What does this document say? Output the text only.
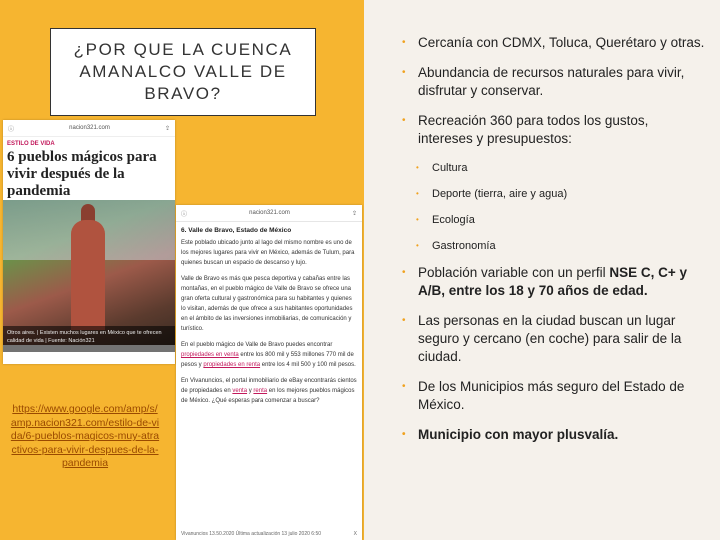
¿POR QUE LA CUENCA AMANALCO VALLE DE BRAVO?
ⓘ	nacion321.com	⇪
ESTILO DE VIDA
6 pueblos mágicos para vivir después de la pandemia
Otros aires. | Existen muchos lugares en México que te ofrecen calidad de vida | Fuente: Nación321
ⓘ	nacion321.com	⇪
6. Valle de Bravo, Estado de México
Este poblado ubicado junto al lago del mismo nombre es uno de los mejores lugares para vivir en México, además de Tulum, para quienes buscan un espacio de descanso y lujo.
Valle de Bravo es más que pesca deportiva y cabañas entre las montañas, en el pueblo mágico de Valle de Bravo se ofrece una gran oferta cultural y gastronómica para su habitantes y quienes lo visitan, además de que ofrece a sus habitantes oportunidades en el ámbito de las inversiones inmobiliarias, de comunicación y turístico.
En el pueblo mágico de Valle de Bravo puedes encontrar propiedades en venta entre los 800 mil y 553 millones 770 mil de pesos y propiedades en renta entre los 4 mil 500 y 100 mil pesos.
En Vivanuncios, el portal inmobiliario de eBay encontrarás cientos de propiedades en venta y renta en los mejores pueblos mágicos de México. ¿Qué esperas para comenzar a buscar?
Vivanuncios 13.50.2020 Última actualización 13 julio 2020 6:50	X
https://www.google.com/amp/s/amp.nacion321.com/estilo-de-vida/6-pueblos-magicos-muy-atractivos-para-vivir-despues-de-la-pandemia
• Cercanía con CDMX, Toluca, Querétaro y otras.
• Abundancia de recursos naturales para vivir, disfrutar y conservar.
• Recreación 360 para todos los gustos, intereses y presupuestos:
• Cultura
• Deporte (tierra, aire y agua)
• Ecología
• Gastronomía
• Población variable con un perfil NSE C, C+ y A/B, entre los 18 y 70 años de edad.
• Las personas en la ciudad buscan un lugar seguro y cercano (en coche) para salir de la ciudad.
• De los Municipios más seguro del Estado de México.
• Municipio con mayor plusvalía.
